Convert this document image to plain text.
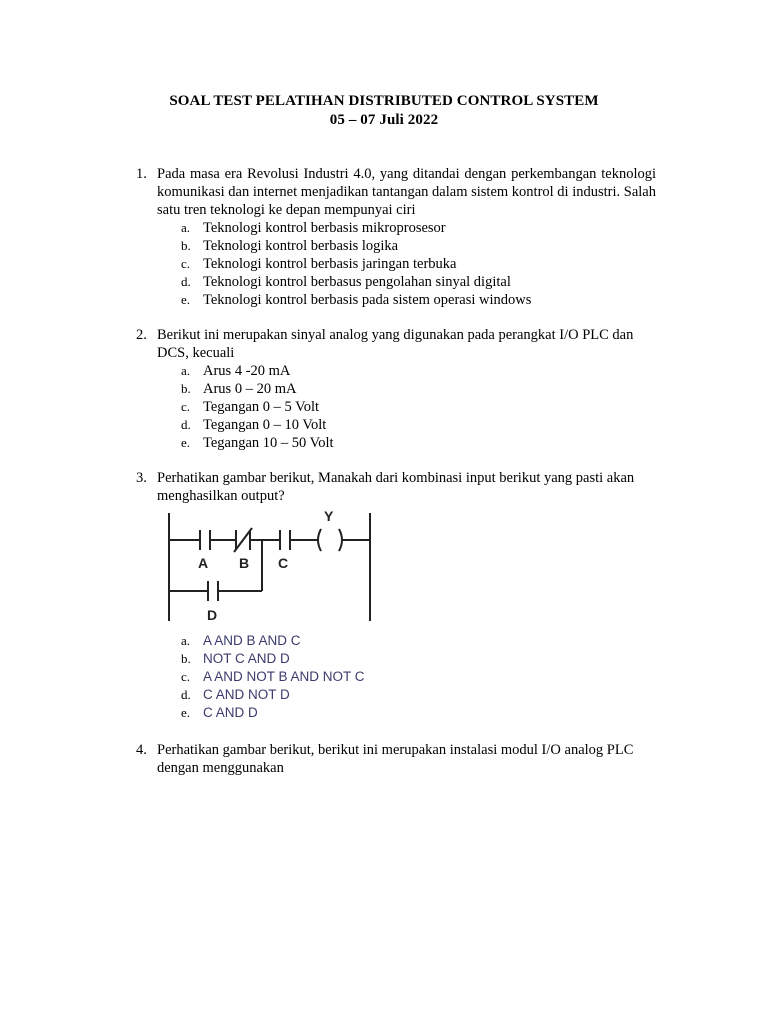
SOAL TEST PELATIHAN DISTRIBUTED CONTROL SYSTEM
05 – 07 Juli 2022
1. Pada masa era Revolusi Industri 4.0, yang ditandai dengan perkembangan teknologi komunikasi dan internet menjadikan tantangan dalam sistem kontrol di industri. Salah satu tren teknologi ke depan mempunyai ciri
a. Teknologi kontrol berbasis mikroprosesor
b. Teknologi kontrol berbasis logika
c. Teknologi kontrol berbasis jaringan terbuka
d. Teknologi kontrol berbasus pengolahan sinyal digital
e. Teknologi kontrol berbasis pada sistem operasi windows
2. Berikut ini merupakan sinyal analog yang digunakan pada perangkat I/O PLC dan DCS, kecuali
a. Arus 4 -20 mA
b. Arus 0 – 20 mA
c. Tegangan 0 – 5 Volt
d. Tegangan 0 – 10 Volt
e. Tegangan 10 – 50 Volt
3. Perhatikan gambar berikut, Manakah dari kombinasi input berikut yang pasti akan menghasilkan output?
A B C
D
Y
a. A AND B AND C
b. NOT C AND D
c. A AND NOT B AND NOT C
d. C AND NOT D
e. C AND D
4. Perhatikan gambar berikut, berikut ini merupakan instalasi modul I/O analog PLC dengan menggunakan
